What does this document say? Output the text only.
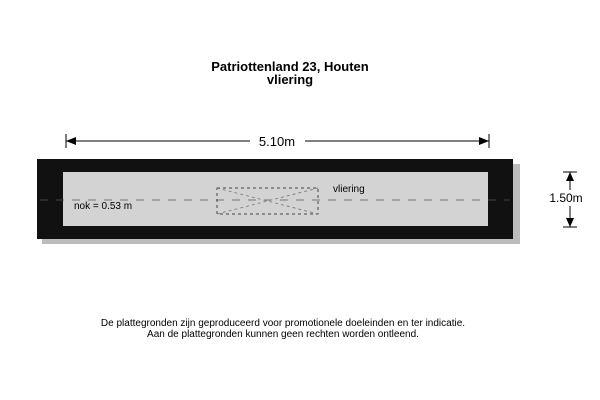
Patriottenland 23, Houten
vliering
vliering
nok = 0.53 m
5.10m
1.50m
De plattegronden zijn geproduceerd voor promotionele doeleinden en ter indicatie.
Aan de plattegronden kunnen geen rechten worden ontleend.
